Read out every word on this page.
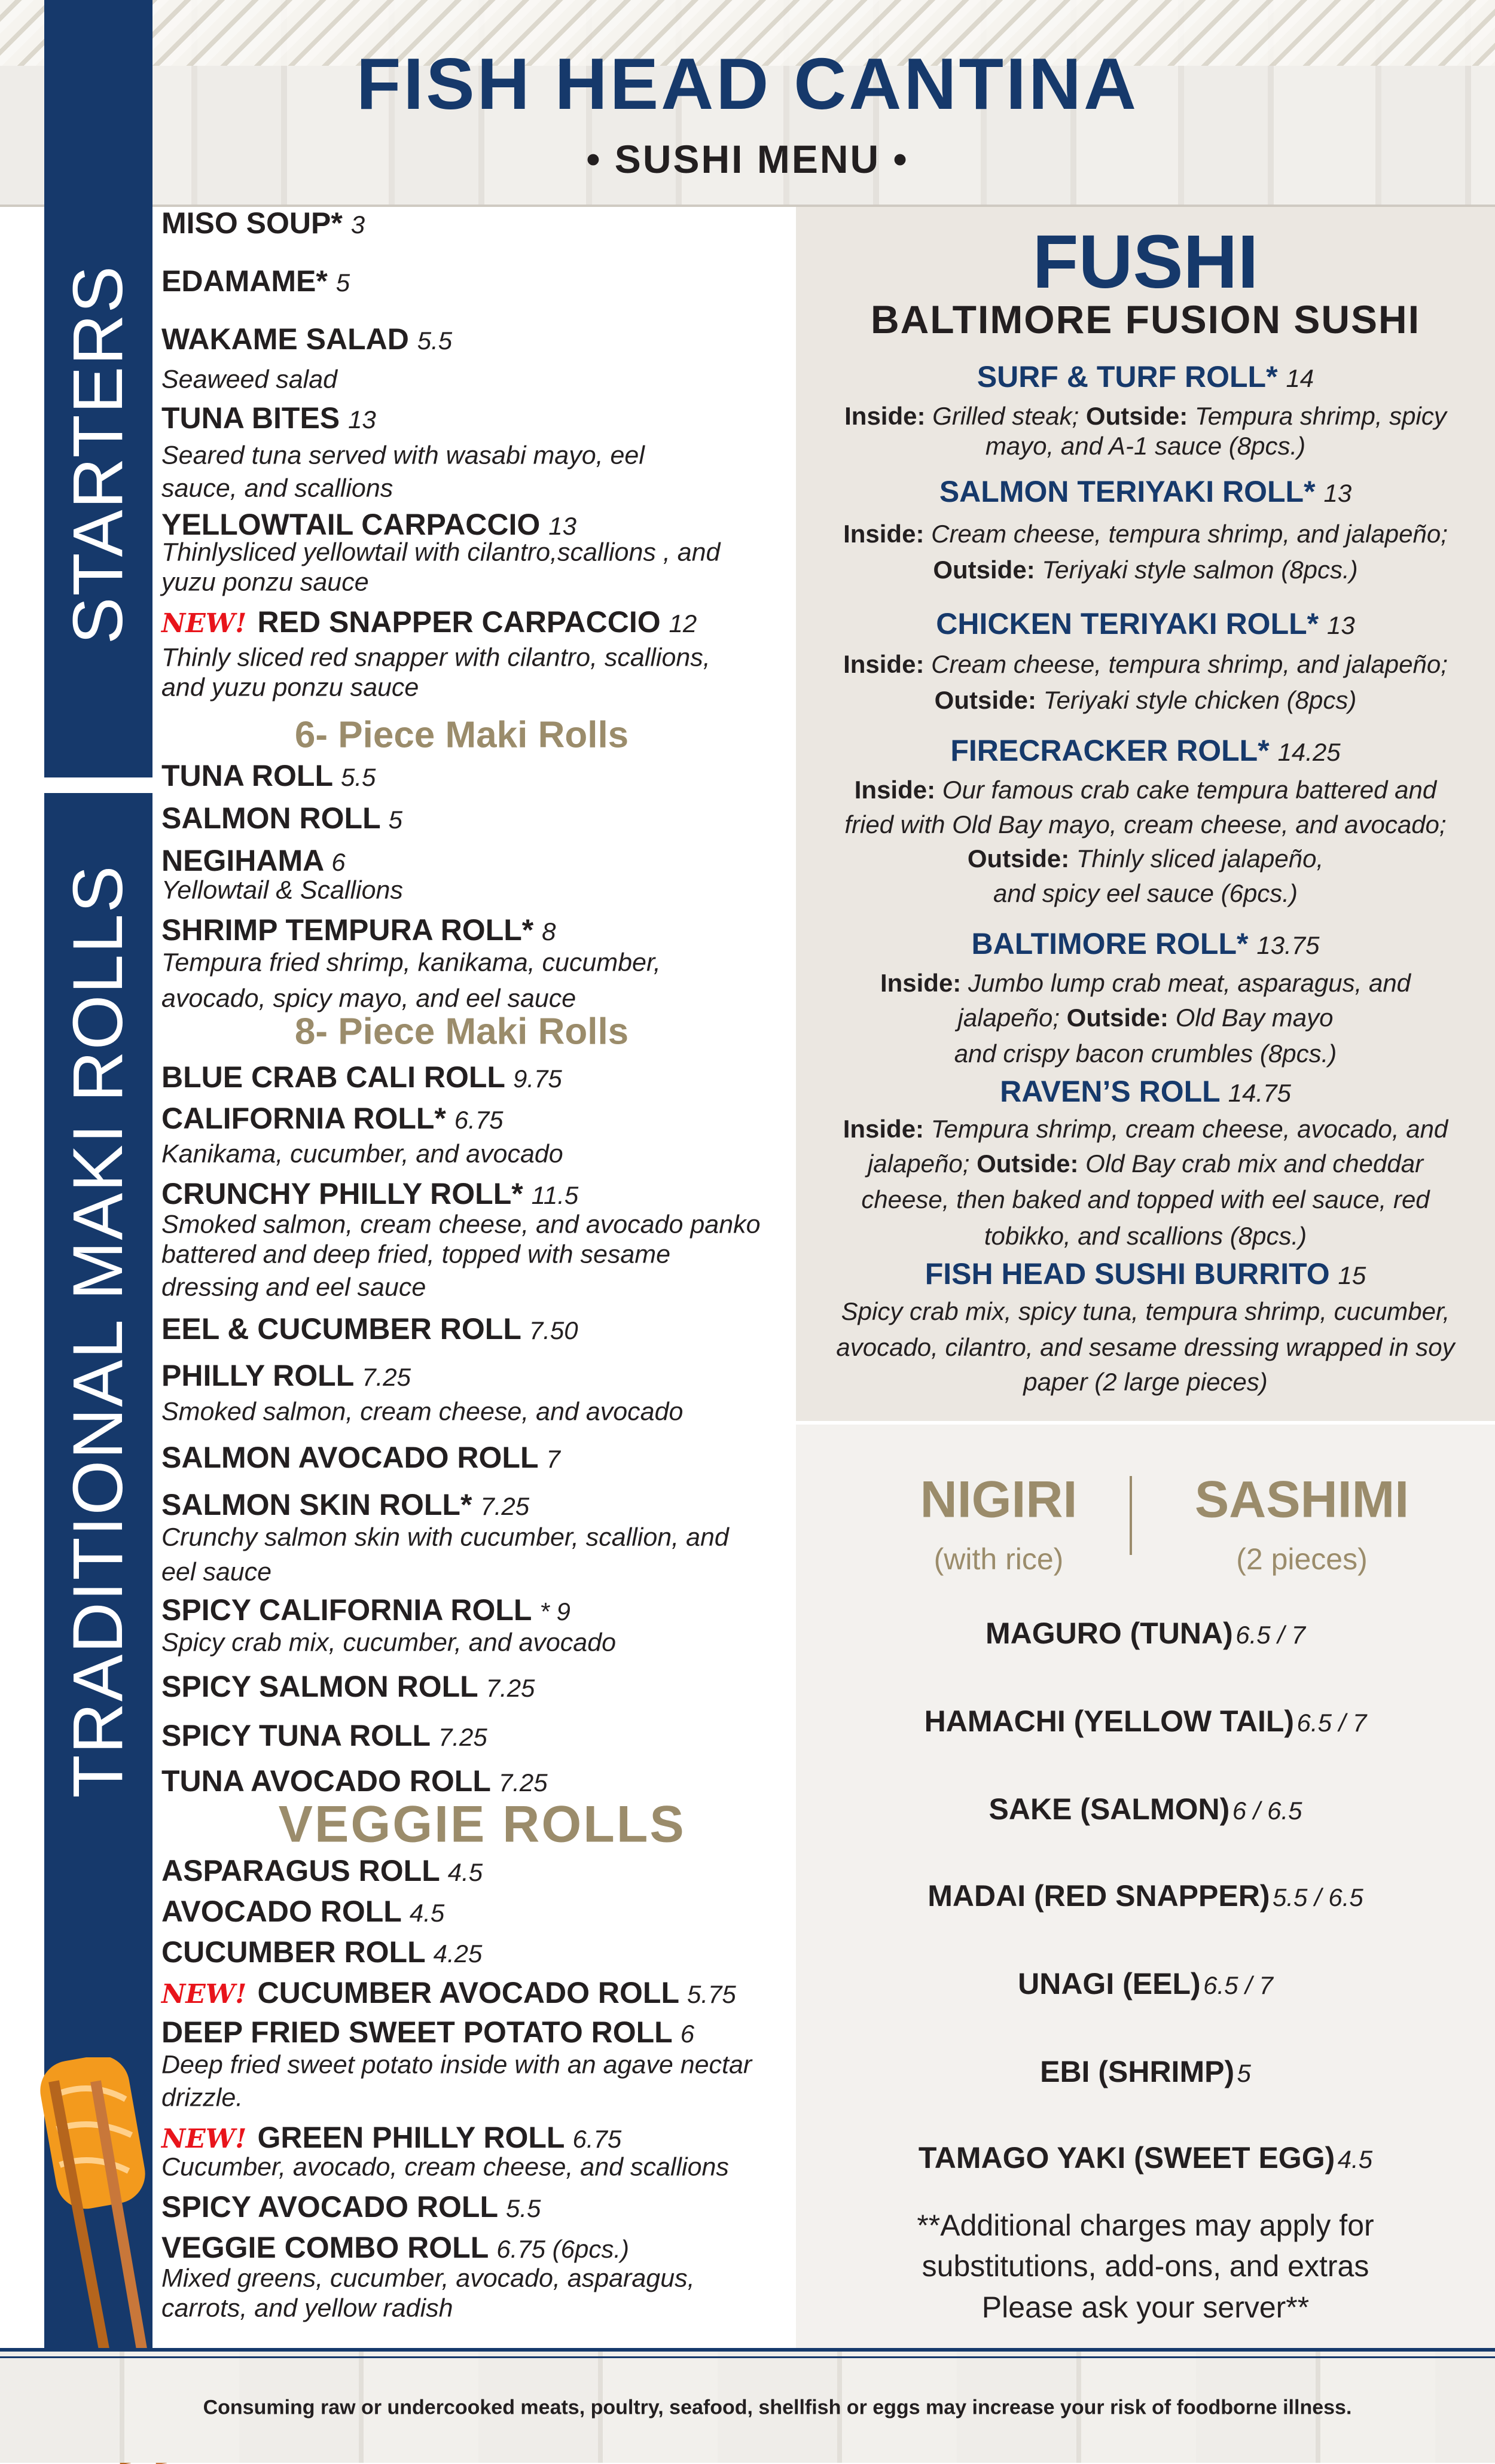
FISH HEAD CANTINA
• SUSHI MENU •
STARTERS
TRADITIONAL MAKI ROLLS
MISO SOUP* 3
EDAMAME* 5
WAKAME SALAD 5.5
Seaweed salad
TUNA BITES 13
Seared tuna served with wasabi mayo, eel
sauce, and scallions
YELLOWTAIL CARPACCIO 13
Thinlysliced yellowtail with cilantro,scallions , and
yuzu ponzu sauce
NEW! RED SNAPPER CARPACCIO 12
Thinly sliced red snapper with cilantro, scallions,
and yuzu ponzu sauce
6- Piece Maki Rolls
TUNA ROLL 5.5
SALMON ROLL 5
NEGIHAMA 6
Yellowtail & Scallions
SHRIMP TEMPURA ROLL* 8
Tempura fried shrimp, kanikama, cucumber,
avocado, spicy mayo, and eel sauce
8- Piece Maki Rolls
BLUE CRAB CALI ROLL 9.75
CALIFORNIA ROLL* 6.75
Kanikama, cucumber, and avocado
CRUNCHY PHILLY ROLL* 11.5
Smoked salmon, cream cheese, and avocado panko
battered and deep fried, topped with sesame
dressing and eel sauce
EEL & CUCUMBER ROLL 7.50
PHILLY ROLL 7.25
Smoked salmon, cream cheese, and avocado
SALMON AVOCADO ROLL 7
SALMON SKIN ROLL* 7.25
Crunchy salmon skin with cucumber, scallion, and
eel sauce
SPICY CALIFORNIA ROLL * 9
Spicy crab mix, cucumber, and avocado
SPICY SALMON ROLL 7.25
SPICY TUNA ROLL 7.25
TUNA AVOCADO ROLL 7.25
VEGGIE ROLLS
ASPARAGUS ROLL 4.5
AVOCADO ROLL 4.5
CUCUMBER ROLL 4.25
NEW! CUCUMBER AVOCADO ROLL 5.75
DEEP FRIED SWEET POTATO ROLL 6
Deep fried sweet potato inside with an agave nectar
drizzle.
NEW! GREEN PHILLY ROLL 6.75
Cucumber, avocado, cream cheese, and scallions
SPICY AVOCADO ROLL 5.5
VEGGIE COMBO ROLL 6.75 (6pcs.)
Mixed greens, cucumber, avocado, asparagus,
carrots, and yellow radish
FUSHI
BALTIMORE FUSION SUSHI
SURF & TURF ROLL* 14
Inside: Grilled steak; Outside: Tempura shrimp, spicy
mayo, and A-1 sauce (8pcs.)
SALMON TERIYAKI ROLL* 13
Inside: Cream cheese, tempura shrimp, and jalapeño;
Outside: Teriyaki style salmon (8pcs.)
CHICKEN TERIYAKI ROLL* 13
Inside: Cream cheese, tempura shrimp, and jalapeño;
Outside: Teriyaki style chicken (8pcs)
FIRECRACKER ROLL* 14.25
Inside: Our famous crab cake tempura battered and
fried with Old Bay mayo, cream cheese, and avocado;
Outside: Thinly sliced jalapeño,
and spicy eel sauce (6pcs.)
BALTIMORE ROLL* 13.75
Inside: Jumbo lump crab meat, asparagus, and
jalapeño; Outside: Old Bay mayo
and crispy bacon crumbles (8pcs.)
RAVEN’S ROLL 14.75
Inside: Tempura shrimp, cream cheese, avocado, and
jalapeño; Outside: Old Bay crab mix and cheddar
cheese, then baked and topped with eel sauce, red
tobikko, and scallions (8pcs.)
FISH HEAD SUSHI BURRITO 15
Spicy crab mix, spicy tuna, tempura shrimp, cucumber,
avocado, cilantro, and sesame dressing wrapped in soy
paper (2 large pieces)
NIGIRI
(with rice)
SASHIMI
(2 pieces)
MAGURO (TUNA) 6.5 / 7
HAMACHI (YELLOW TAIL) 6.5 / 7
SAKE (SALMON) 6 / 6.5
MADAI (RED SNAPPER) 5.5 / 6.5
UNAGI (EEL) 6.5 / 7
EBI (SHRIMP) 5
TAMAGO YAKI (SWEET EGG) 4.5
**Additional charges may apply for
substitutions, add-ons, and extras
Please ask your server**
Consuming raw or undercooked meats, poultry, seafood, shellfish or eggs may increase your risk of foodborne illness.
